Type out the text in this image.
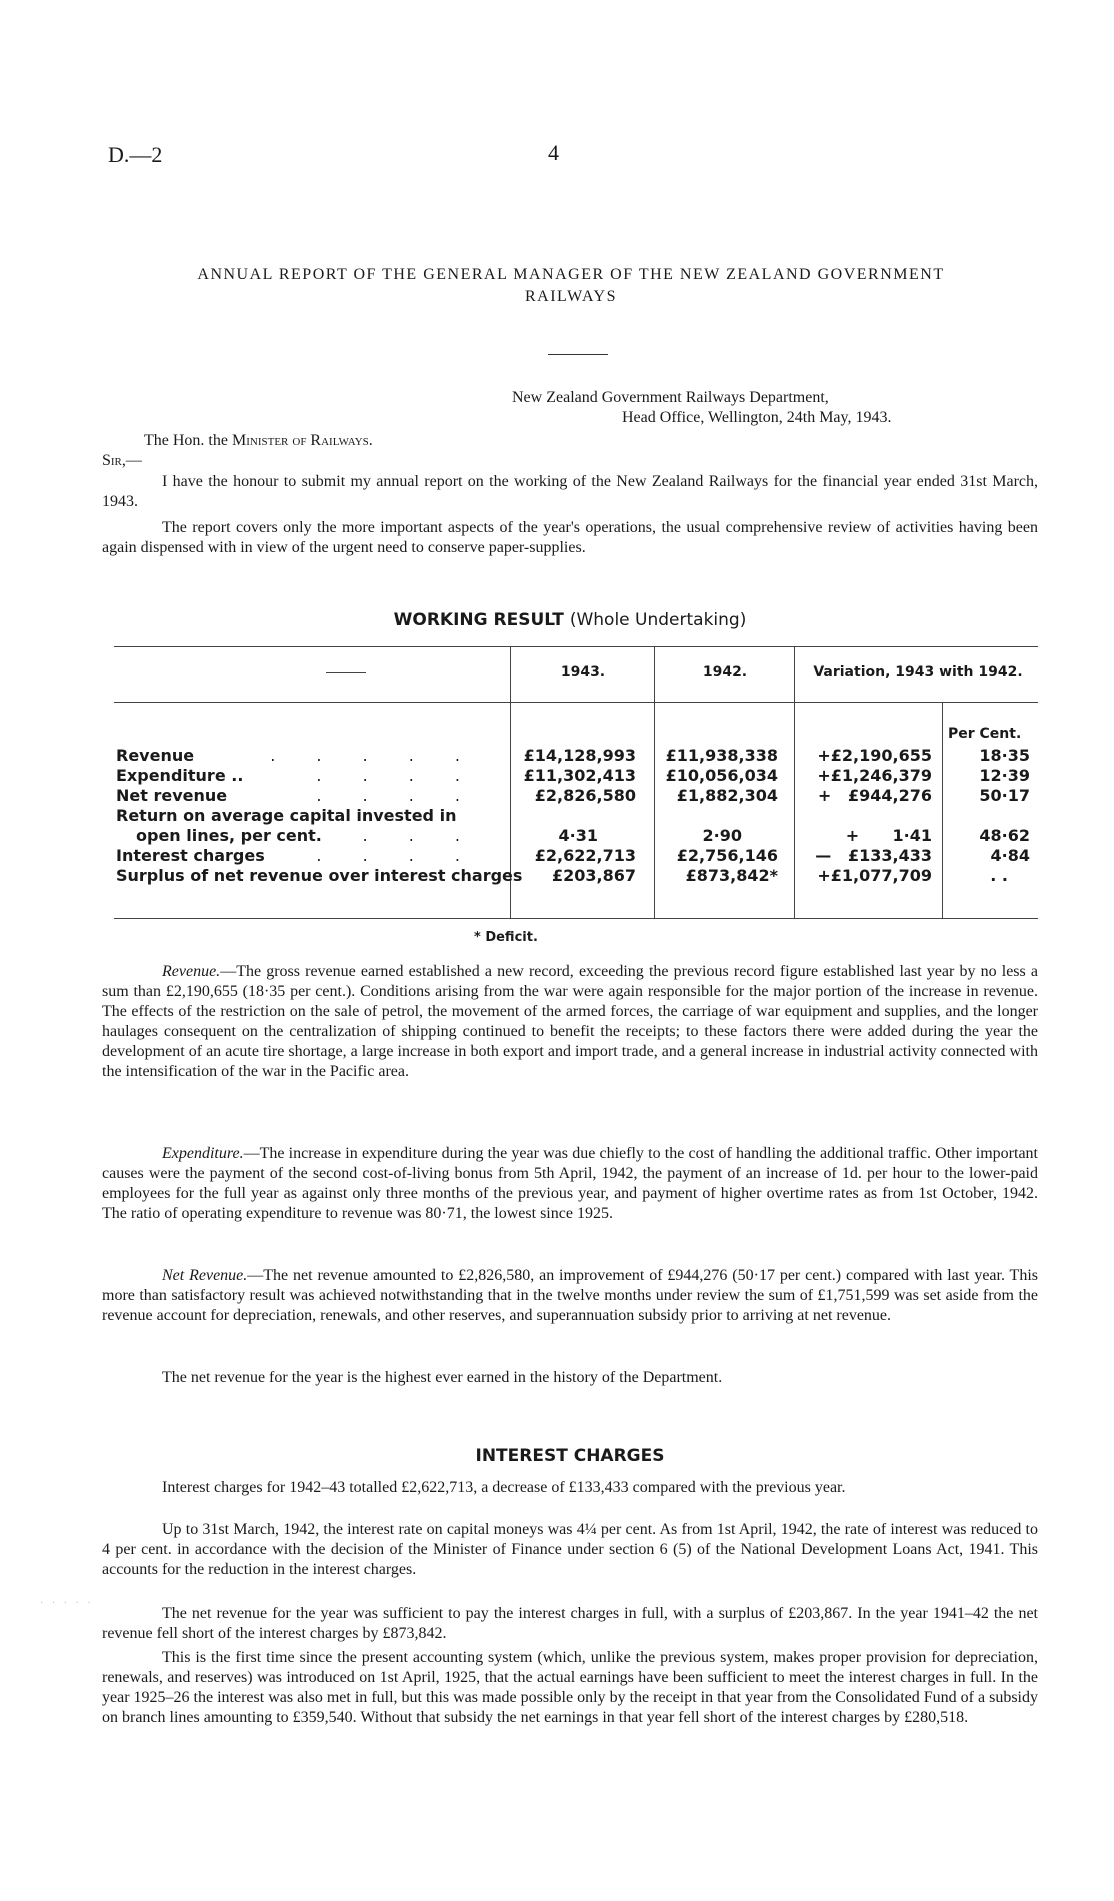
D.—2	4
ANNUAL REPORT OF THE GENERAL MANAGER OF THE NEW ZEALAND GOVERNMENT
RAILWAYS
New Zealand Government Railways Department,
Head Office, Wellington, 24th May, 1943.
The Hon. the Minister of Railways.
Sir,—

I have the honour to submit my annual report on the working of the New Zealand Railways for the financial year ended 31st March, 1943.

The report covers only the more important aspects of the year's operations, the usual comprehensive review of activities having been again dispensed with in view of the urgent need to conserve paper-supplies.

WORKING RESULT (Whole Undertaking)
1943.	1942.	Variation, 1943 with 1942.
Per Cent.
Revenue	. . . . .	£14,128,993 £11,938,338 +£2,190,655	18·35
Expenditure ..	. . . .	£11,302,413 £10,056,034 +£1,246,379	12·39
Net revenue	. . . .	£2,826,580	£1,882,304 +   £944,276	50·17
Return on average capital invested in
open lines, per cent.	. . .	4·31	2·90	+      1·41	48·62
Interest charges	. . . .	£2,622,713	£2,756,146 —   £133,433	4·84
Surplus of net revenue over interest charges £203,867	£873,842* +£1,077,709	. .
* Deficit.

Revenue.—The gross revenue earned established a new record, exceeding the previous record figure established last year by no less a sum than £2,190,655 (18·35 per cent.). Conditions arising from the war were again responsible for the major portion of the increase in revenue. The effects of the restriction on the sale of petrol, the movement of the armed forces, the carriage of war equipment and supplies, and the longer haulages consequent on the centralization of shipping continued to benefit the receipts; to these factors there were added during the year the development of an acute tire shortage, a large increase in both export and import trade, and a general increase in industrial activity connected with the intensification of the war in the Pacific area.

Expenditure.—The increase in expenditure during the year was due chiefly to the cost of handling the additional traffic. Other important causes were the payment of the second cost-of-living bonus from 5th April, 1942, the payment of an increase of 1d. per hour to the lower-paid employees for the full year as against only three months of the previous year, and payment of higher overtime rates as from 1st October, 1942. The ratio of operating expenditure to revenue was 80·71, the lowest since 1925.

Net Revenue.—The net revenue amounted to £2,826,580, an improvement of £944,276 (50·17 per cent.) compared with last year. This more than satisfactory result was achieved notwithstanding that in the twelve months under review the sum of £1,751,599 was set aside from the revenue account for depreciation, renewals, and other reserves, and superannuation subsidy prior to arriving at net revenue.

The net revenue for the year is the highest ever earned in the history of the Department.

INTEREST CHARGES

Interest charges for 1942–43 totalled £2,622,713, a decrease of £133,433 compared with the previous year.

Up to 31st March, 1942, the interest rate on capital moneys was 4¼ per cent. As from 1st April, 1942, the rate of interest was reduced to 4 per cent. in accordance with the decision of the Minister of Finance under section 6 (5) of the National Development Loans Act, 1941. This accounts for the reduction in the interest charges.

The net revenue for the year was sufficient to pay the interest charges in full, with a surplus of £203,867. In the year 1941–42 the net revenue fell short of the interest charges by £873,842.

This is the first time since the present accounting system (which, unlike the previous system, makes proper provision for depreciation, renewals, and reserves) was introduced on 1st April, 1925, that the actual earnings have been sufficient to meet the interest charges in full. In the year 1925–26 the interest was also met in full, but this was made possible only by the receipt in that year from the Consolidated Fund of a subsidy on branch lines amounting to £359,540. Without that subsidy the net earnings in that year fell short of the interest charges by £280,518.

· · · · ·
